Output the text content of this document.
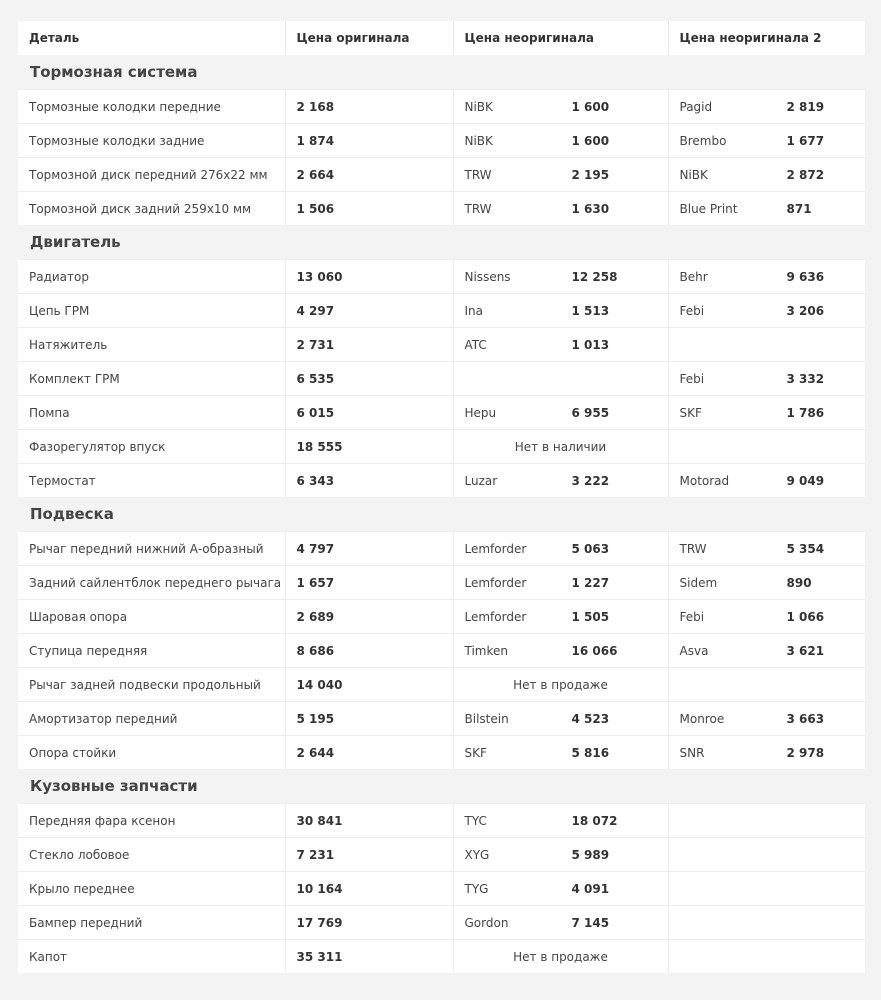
Деталь	Цена оригинала	Цена неоригинала	Цена неоригинала 2
Тормозная система			
Тормозные колодки передние	2 168	NiBK 1 600	Pagid 2 819

Тормозные колодки задние	1 874	NiBK 1 600	Brembo 1 677

Тормозной диск передний 276x22 мм	2 664	TRW 2 195	NiBK 2 872

Тормозной диск задний 259x10 мм	1 506	TRW 1 630	Blue Print 871

Двигатель			
Радиатор	13 060	Nissens 12 258	Behr 9 636

Цепь ГРМ	4 297	Ina 1 513	Febi 3 206

Натяжитель	2 731	ATC 1 013	

Комплект ГРМ	6 535		Febi 3 332

Помпа	6 015	Hepu 6 955	SKF 1 786

Фазорегулятор впуск	18 555	Нет в наличии	
Термостат	6 343	Luzar 3 222	Motorad 9 049

Подвеска			
Рычаг передний нижний А-образный	4 797	Lemforder 5 063	TRW 5 354

Задний сайлентблок переднего рычага	1 657	Lemforder 1 227	Sidem 890

Шаровая опора	2 689	Lemforder 1 505	Febi 1 066

Ступица передняя	8 686	Timken 16 066	Asva 3 621

Рычаг задней подвески продольный	14 040	Нет в продаже	
Амортизатор передний	5 195	Bilstein 4 523	Monroe 3 663

Опора стойки	2 644	SKF 5 816	SNR 2 978

Кузовные запчасти			
Передняя фара ксенон	30 841	TYC 18 072	

Стекло лобовое	7 231	XYG 5 989	

Крыло переднее	10 164	TYG 4 091	

Бампер передний	17 769	Gordon 7 145	

Капот	35 311	Нет в продаже	
